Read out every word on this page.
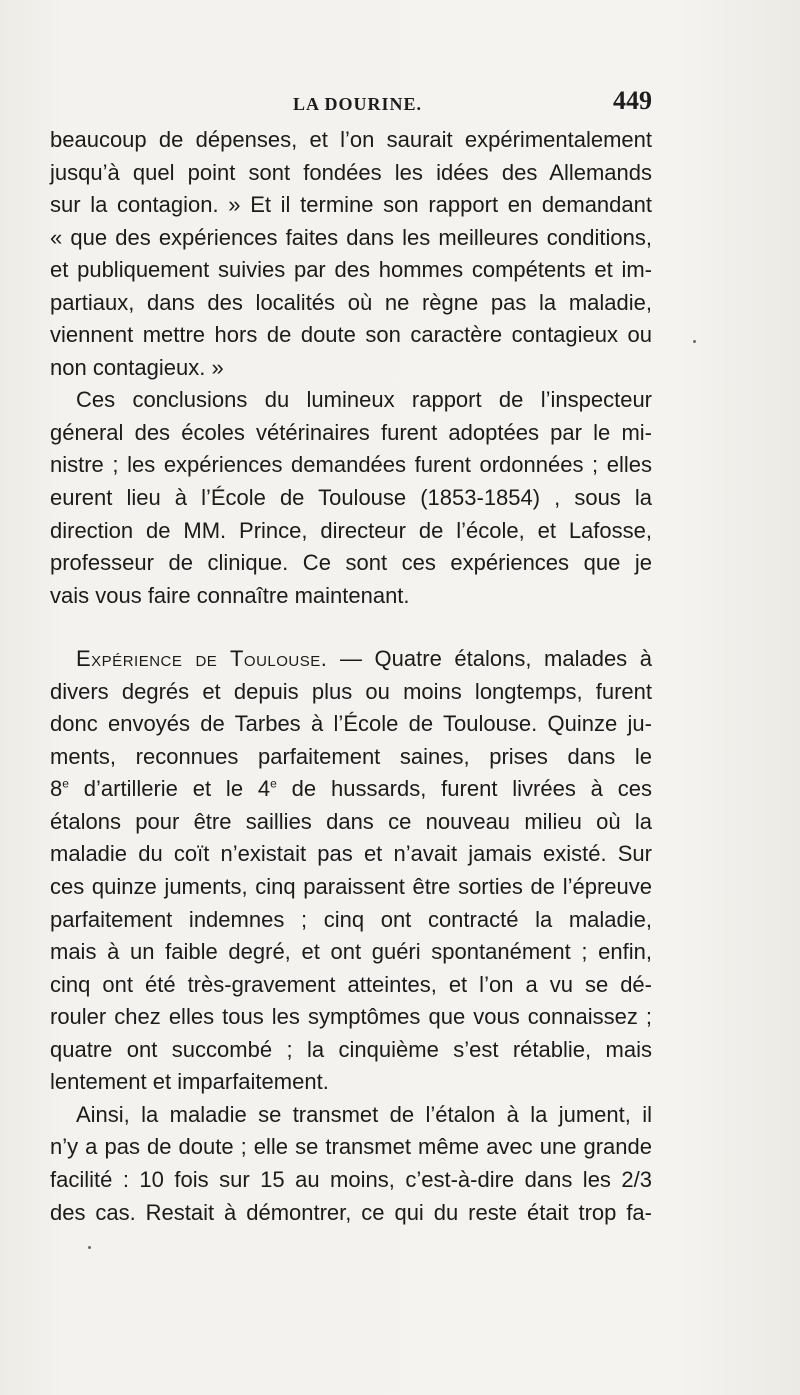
LA DOURINE.	449
beaucoup de dépenses, et l’on saurait expérimentalement
jusqu’à quel point sont fondées les idées des Allemands
sur la contagion. » Et il termine son rapport en demandant
« que des expériences faites dans les meilleures conditions,
et publiquement suivies par des hommes compétents et im-
partiaux, dans des localités où ne règne pas la maladie,
viennent mettre hors de doute son caractère contagieux ou
non contagieux. »
Ces conclusions du lumineux rapport de l’inspecteur
géneral des écoles vétérinaires furent adoptées par le mi-
nistre ; les expériences demandées furent ordonnées ; elles
eurent lieu à l’École de Toulouse (1853-1854) , sous la
direction de MM. Prince, directeur de l’école, et Lafosse,
professeur de clinique. Ce sont ces expériences que je
vais vous faire connaître maintenant.
Expérience de Toulouse. — Quatre étalons, malades à
divers degrés et depuis plus ou moins longtemps, furent
donc envoyés de Tarbes à l’École de Toulouse. Quinze ju-
ments, reconnues parfaitement saines, prises dans le
8e d’artillerie et le 4e de hussards, furent livrées à ces
étalons pour être saillies dans ce nouveau milieu où la
maladie du coït n’existait pas et n’avait jamais existé. Sur
ces quinze juments, cinq paraissent être sorties de l’épreuve
parfaitement indemnes ; cinq ont contracté la maladie,
mais à un faible degré, et ont guéri spontanément ; enfin,
cinq ont été très-gravement atteintes, et l’on a vu se dé-
rouler chez elles tous les symptômes que vous connaissez ;
quatre ont succombé ; la cinquième s’est rétablie, mais
lentement et imparfaitement.
Ainsi, la maladie se transmet de l’étalon à la jument, il
n’y a pas de doute ; elle se transmet même avec une grande
facilité : 10 fois sur 15 au moins, c’est-à-dire dans les 2/3
des cas. Restait à démontrer, ce qui du reste était trop fa-
